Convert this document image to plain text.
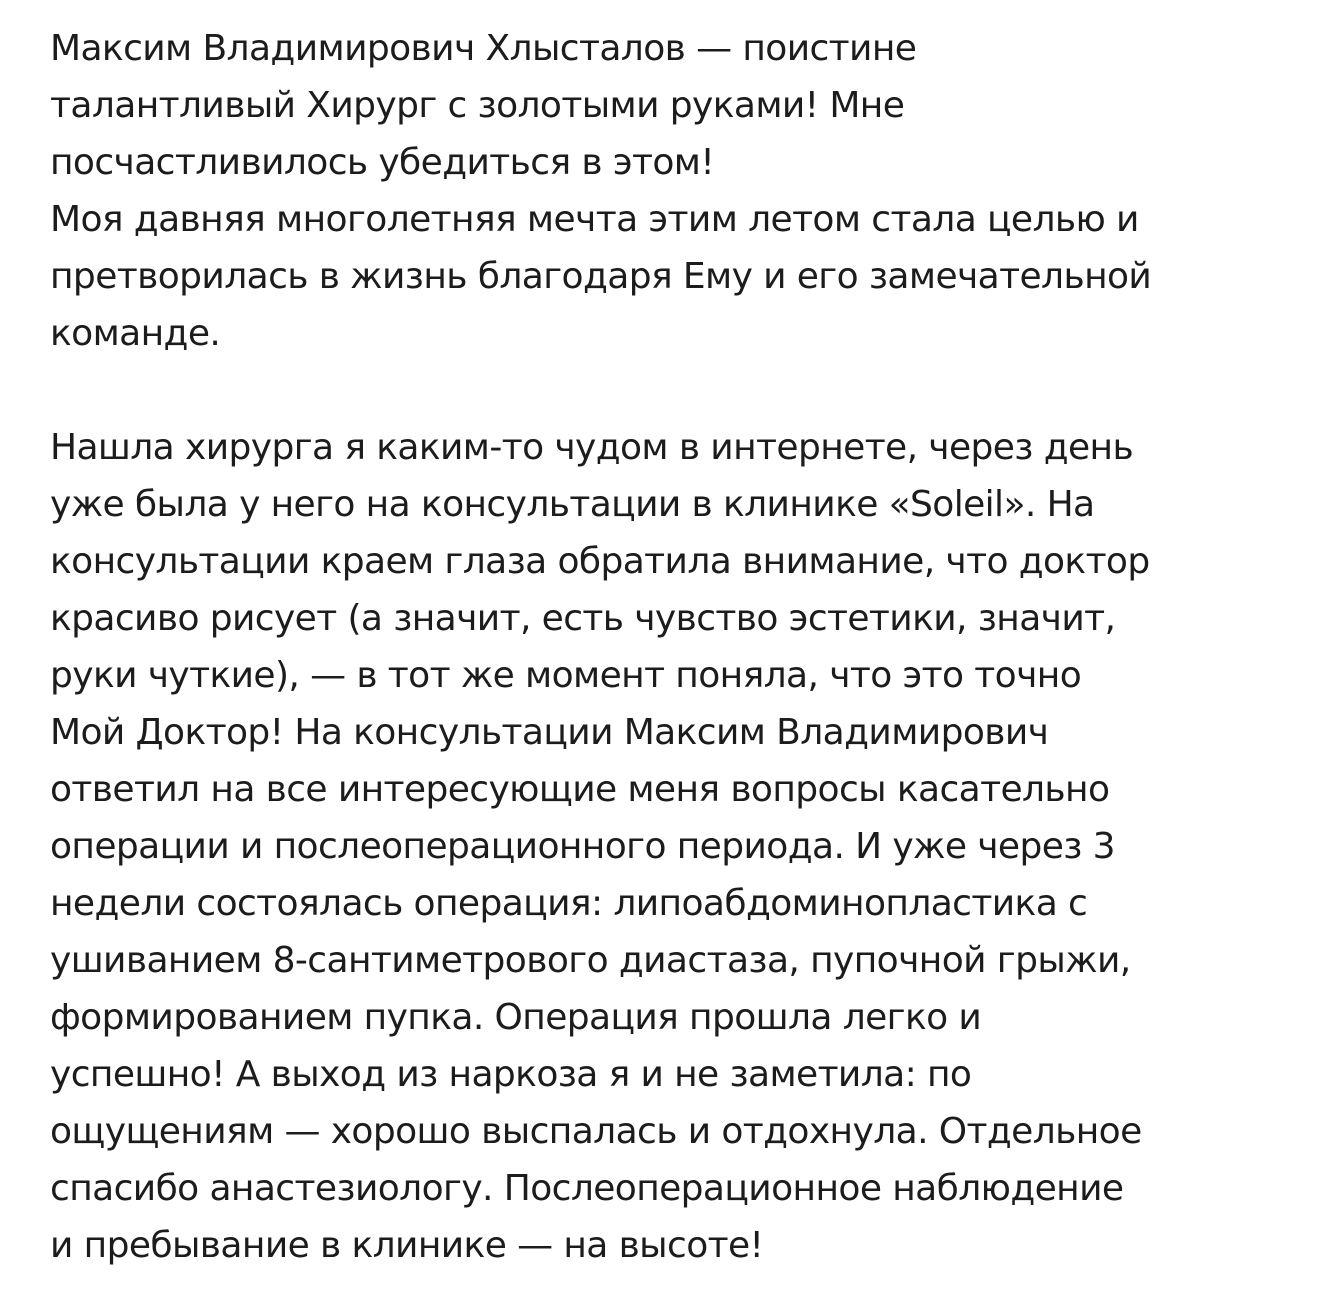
Максим Владимирович Хлысталов — поистине
талантливый Хирург с золотыми руками! Мне
посчастливилось убедиться в этом!
Моя давняя многолетняя мечта этим летом стала целью и
претворилась в жизнь благодаря Ему и его замечательной
команде.
Нашла хирурга я каким-то чудом в интернете, через день
уже была у него на консультации в клинике «Soleil». На
консультации краем глаза обратила внимание, что доктор
красиво рисует (а значит, есть чувство эстетики, значит,
руки чуткие), — в тот же момент поняла, что это точно
Мой Доктор! На консультации Максим Владимирович
ответил на все интересующие меня вопросы касательно
операции и послеоперационного периода. И уже через 3
недели состоялась операция: липоабдоминопластика с
ушиванием 8-сантиметрового диастаза, пупочной грыжи,
формированием пупка. Операция прошла легко и
успешно! А выход из наркоза я и не заметила: по
ощущениям — хорошо выспалась и отдохнула. Отдельное
спасибо анастезиологу. Послеоперационное наблюдение
и пребывание в клинике — на высоте!
